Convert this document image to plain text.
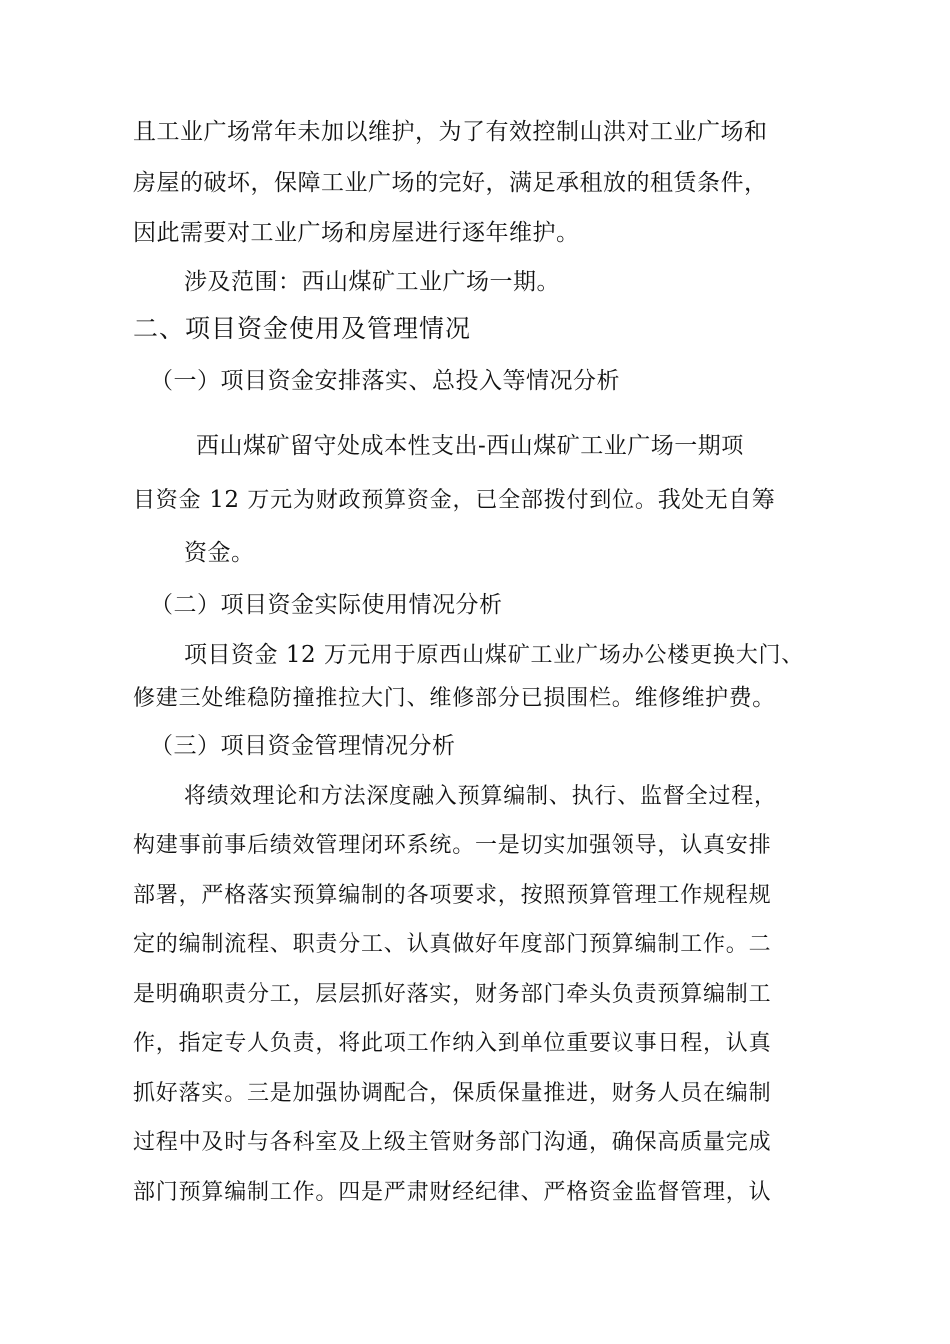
且工业广场常年未加以维护，为了有效控制山洪对工业广场和
房屋的破坏，保障工业广场的完好，满足承租放的租赁条件，
因此需要对工业广场和房屋进行逐年维护。
涉及范围：西山煤矿工业广场一期。
二、项目资金使用及管理情况
（一）项目资金安排落实、总投入等情况分析
西山煤矿留守处成本性支出-西山煤矿工业广场一期项
目资金 12 万元为财政预算资金，已全部拨付到位。我处无自筹
资金。
（二）项目资金实际使用情况分析
项目资金 12 万元用于原西山煤矿工业广场办公楼更换大门、
修建三处维稳防撞推拉大门、维修部分已损围栏。维修维护费。
（三）项目资金管理情况分析
将绩效理论和方法深度融入预算编制、执行、监督全过程，
构建事前事后绩效管理闭环系统。一是切实加强领导，认真安排
部署，严格落实预算编制的各项要求，按照预算管理工作规程规
定的编制流程、职责分工、认真做好年度部门预算编制工作。二
是明确职责分工，层层抓好落实，财务部门牵头负责预算编制工
作，指定专人负责，将此项工作纳入到单位重要议事日程，认真
抓好落实。三是加强协调配合，保质保量推进，财务人员在编制
过程中及时与各科室及上级主管财务部门沟通，确保高质量完成
部门预算编制工作。四是严肃财经纪律、严格资金监督管理，认
